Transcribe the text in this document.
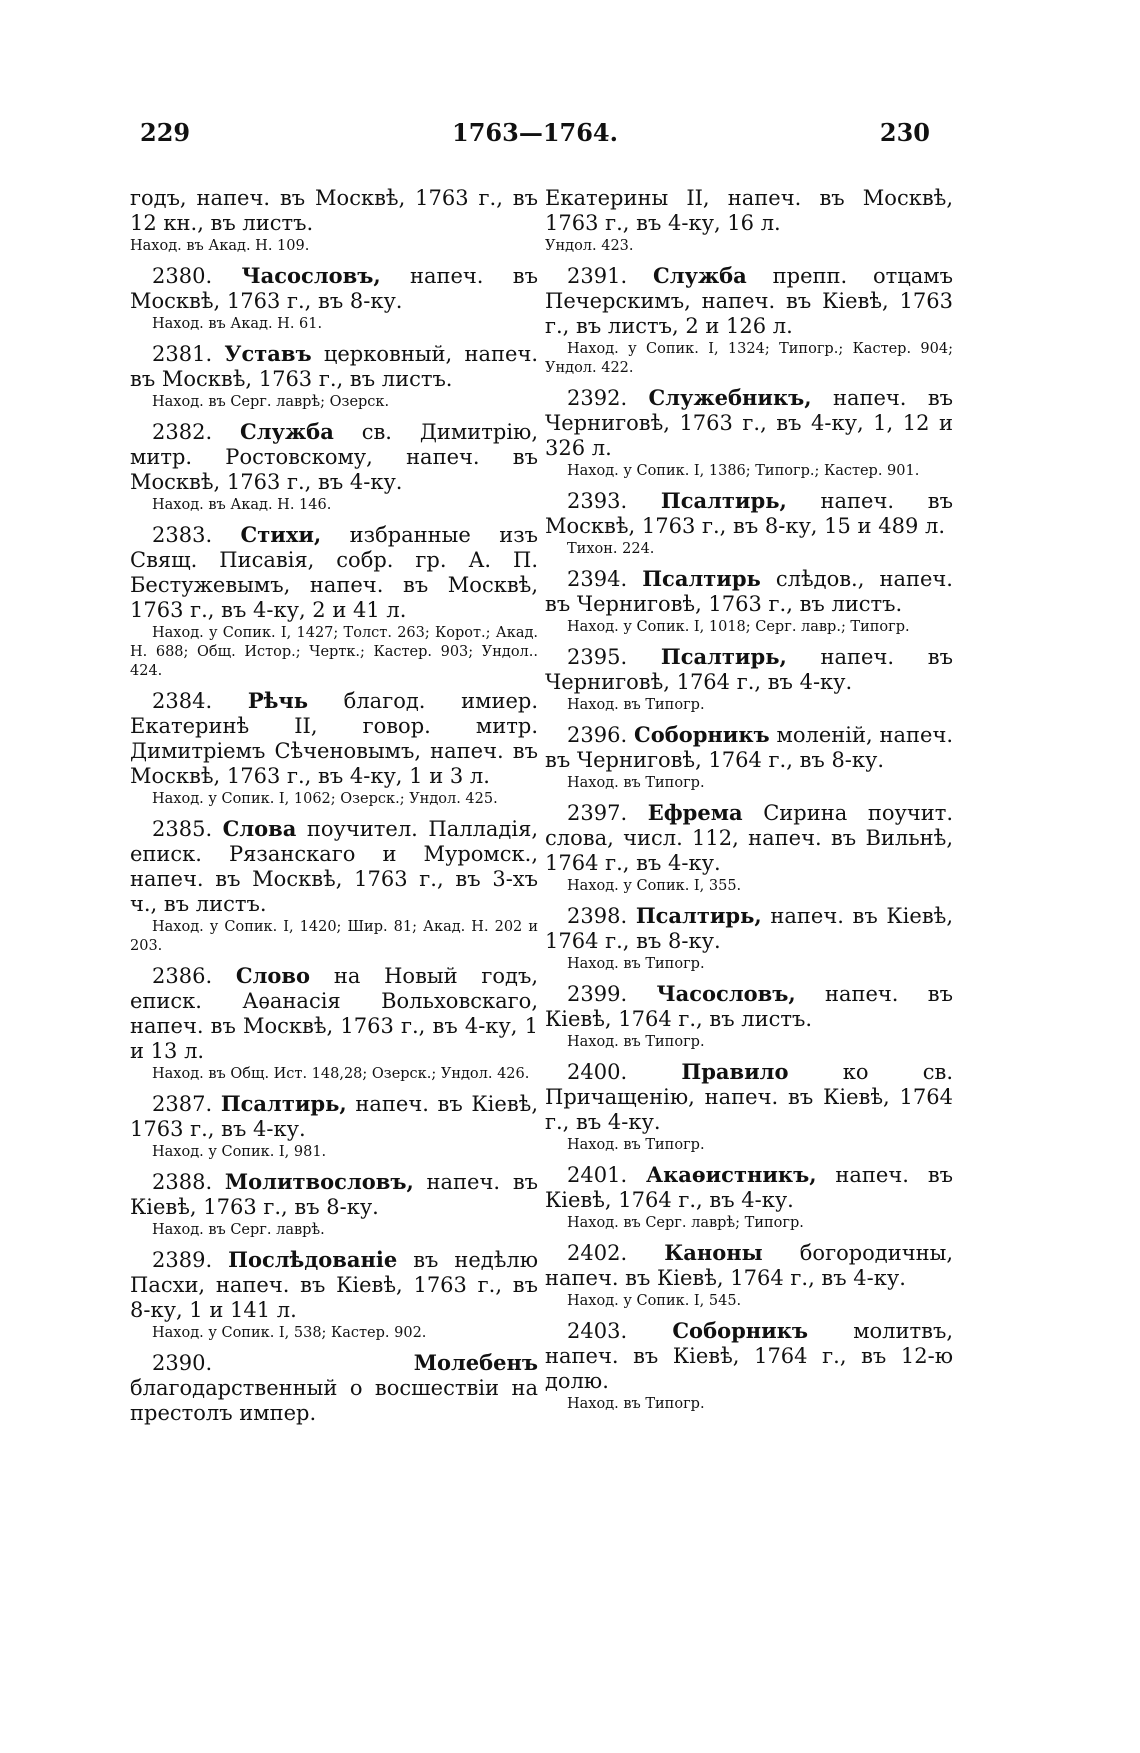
229	1763—1764.	230
годъ, напеч. въ Москвѣ, 1763 г., въ 12 кн., въ листъ.
Наход. въ Акад. Н. 109.
2380. Часословъ, напеч. въ Москвѣ, 1763 г., въ 8-ку.
Наход. въ Акад. Н. 61.
2381. Уставъ церковный, напеч. въ Москвѣ, 1763 г., въ листъ.
Наход. въ Серг. лаврѣ; Озерск.
2382. Служба св. Димитрію, митр. Ростовскому, напеч. въ Москвѣ, 1763 г., въ 4-ку.
Наход. въ Акад. Н. 146.
2383. Стихи, избранные изъ Свящ. Писавія, собр. гр. А. П. Бестужевымъ, напеч. въ Москвѣ, 1763 г., въ 4-ку, 2 и 41 л.
Наход. у Сопик. I, 1427; Толст. 263; Корот.; Акад. Н. 688; Общ. Истор.; Чертк.; Кастер. 903; Ундол.. 424.
2384. Рѣчь благод. имиер. Екатеринѣ II, говор. митр. Димитріемъ Сѣченовымъ, напеч. въ Москвѣ, 1763 г., въ 4-ку, 1 и 3 л.
Наход. у Сопик. I, 1062; Озерск.; Ундол. 425.
2385. Слова поучител. Палладія, еписк. Рязанскаго и Муромск., напеч. въ Москвѣ, 1763 г., въ 3-хъ ч., въ листъ.
Наход. у Сопик. I, 1420; Шир. 81; Акад. Н. 202 и 203.
2386. Слово на Новый годъ, еписк. Аѳанасія Вольховскаго, напеч. въ Москвѣ, 1763 г., въ 4-ку, 1 и 13 л.
Наход. въ Общ. Ист. 148,28; Озерск.; Ундол. 426.
2387. Псалтирь, напеч. въ Кіевѣ, 1763 г., въ 4-ку.
Наход. у Сопик. I, 981.
2388. Молитвословъ, напеч. въ Кіевѣ, 1763 г., въ 8-ку.
Наход. въ Серг. лаврѣ.
2389. Послѣдованіе въ недѣлю Пасхи, напеч. въ Кіевѣ, 1763 г., въ 8-ку, 1 и 141 л.
Наход. у Сопик. I, 538; Кастер. 902.
2390. Молебенъ благодарственный о восшествіи на престолъ импер.
Екатерины II, напеч. въ Москвѣ, 1763 г., въ 4-ку, 16 л.
Ундол. 423.
2391. Служба препп. отцамъ Печерскимъ, напеч. въ Кіевѣ, 1763 г., въ листъ, 2 и 126 л.
Наход. у Сопик. I, 1324; Типогр.; Кастер. 904; Ундол. 422.
2392. Служебникъ, напеч. въ Черниговѣ, 1763 г., въ 4-ку, 1, 12 и 326 л.
Наход. у Сопик. I, 1386; Типогр.; Кастер. 901.
2393. Псалтирь, напеч. въ Москвѣ, 1763 г., въ 8-ку, 15 и 489 л.
Тихон. 224.
2394. Псалтирь слѣдов., напеч. въ Черниговѣ, 1763 г., въ листъ.
Наход. у Сопик. I, 1018; Серг. лавр.; Типогр.
2395. Псалтирь, напеч. въ Черниговѣ, 1764 г., въ 4-ку.
Наход. въ Типогр.
2396. Соборникъ моленій, напеч. въ Черниговѣ, 1764 г., въ 8-ку.
Наход. въ Типогр.
2397. Ефрема Сирина поучит. слова, числ. 112, напеч. въ Вильнѣ, 1764 г., въ 4-ку.
Наход. у Сопик. I, 355.
2398. Псалтирь, напеч. въ Кіевѣ, 1764 г., въ 8-ку.
Наход. въ Типогр.
2399. Часословъ, напеч. въ Кіевѣ, 1764 г., въ листъ.
Наход. въ Типогр.
2400. Правило ко св. Причащенію, напеч. въ Кіевѣ, 1764 г., въ 4-ку.
Наход. въ Типогр.
2401. Акаѳистникъ, напеч. въ Кіевѣ, 1764 г., въ 4-ку.
Наход. въ Серг. лаврѣ; Типогр.
2402. Каноны богородичны, напеч. въ Кіевѣ, 1764 г., въ 4-ку.
Наход. у Сопик. I, 545.
2403. Соборникъ молитвъ, напеч. въ Кіевѣ, 1764 г., въ 12-ю долю.
Наход. въ Типогр.
